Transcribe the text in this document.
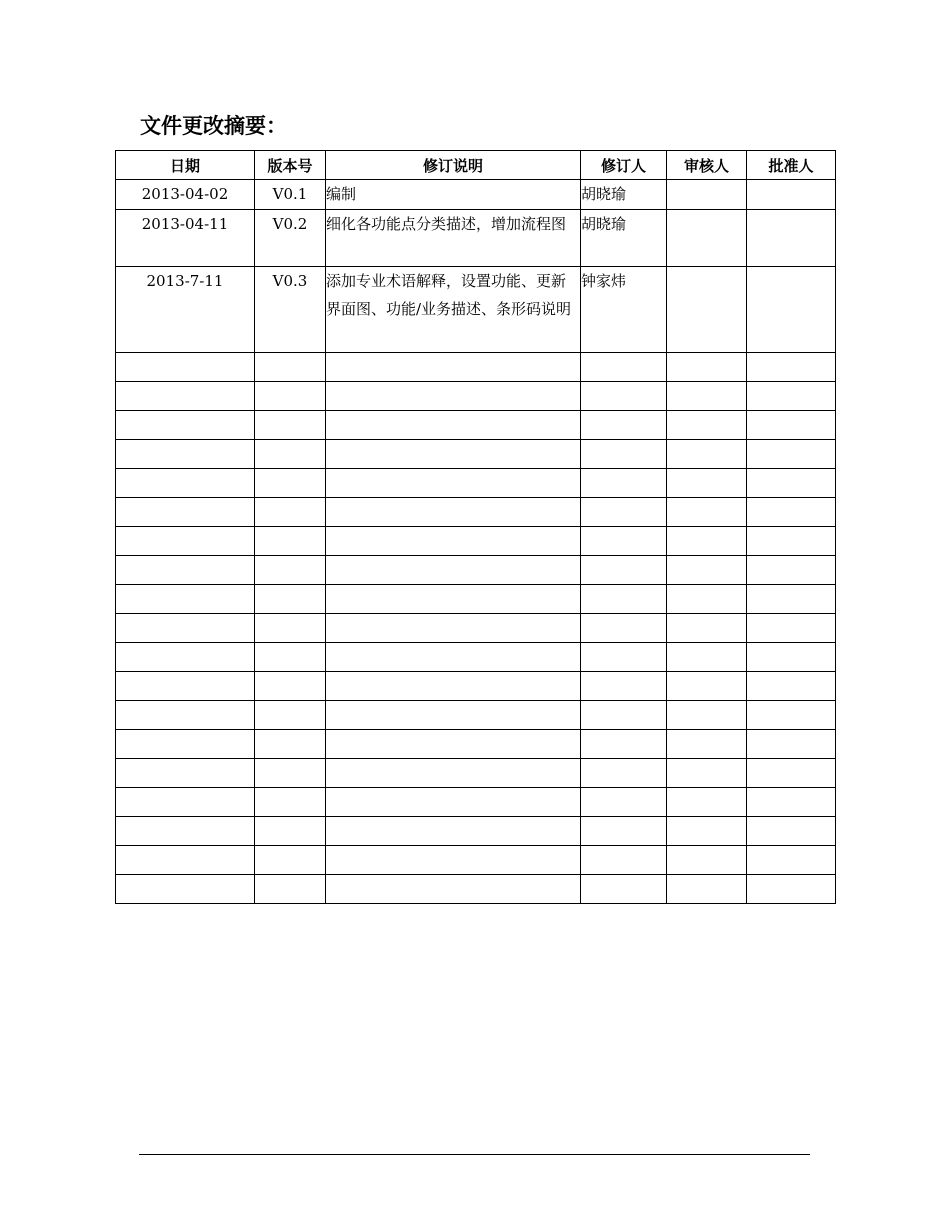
文件更改摘要：
日期	版本号	修订说明	修订人	审核人	批准人
2013-04-02	V0.1	编制	胡晓瑜		
2013-04-11	V0.2	细化各功能点分类描述，增加流程图	胡晓瑜		
2013-7-11	V0.3	添加专业术语解释，设置功能、更新界面图、功能/业务描述、条形码说明	钟家炜		
